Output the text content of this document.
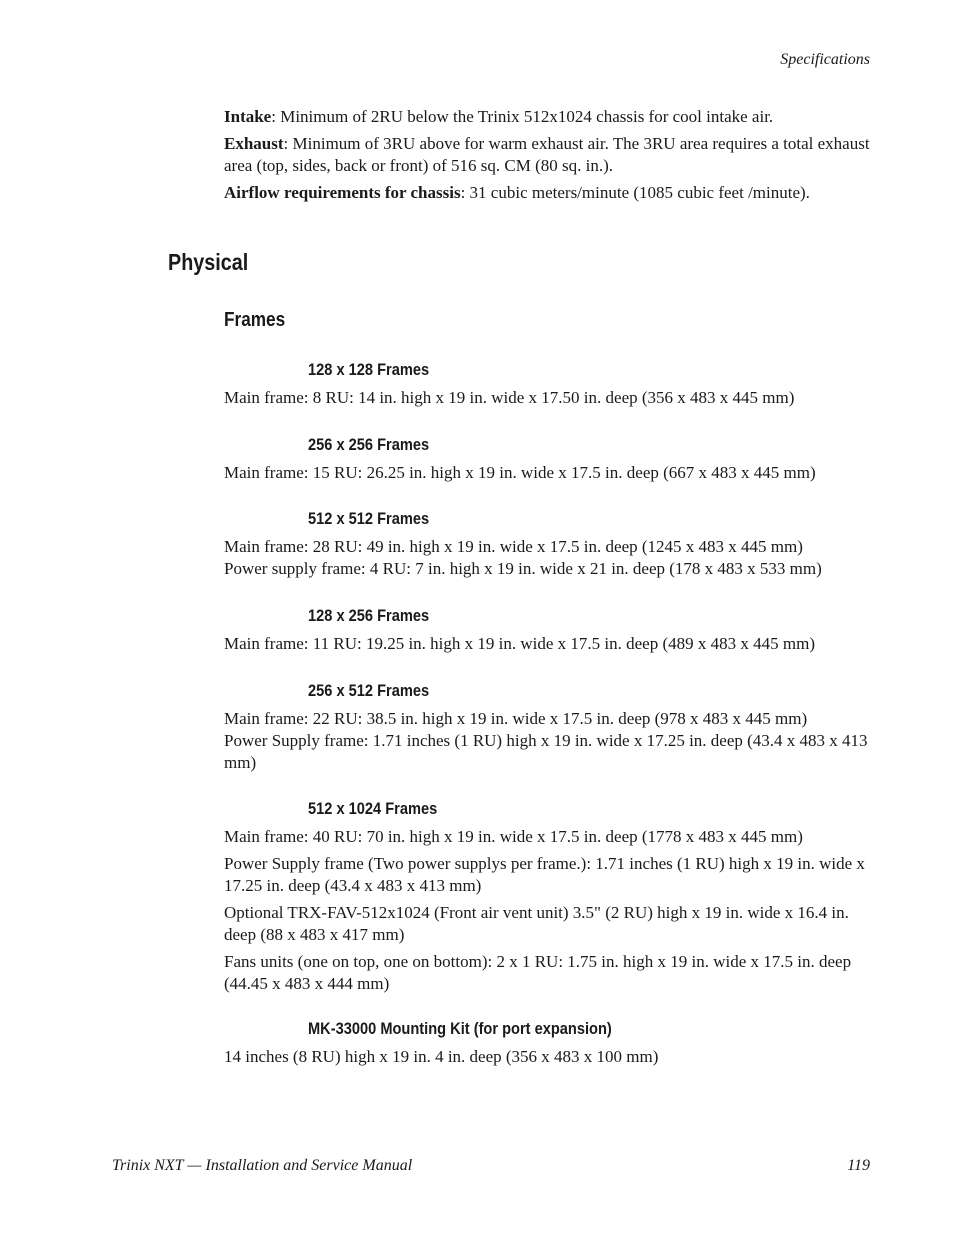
Specifications

Intake: Minimum of 2RU below the Trinix 512x1024 chassis for cool intake air.

Exhaust: Minimum of 3RU above for warm exhaust air. The 3RU area requires a total exhaust area (top, sides, back or front) of 516 sq. CM (80 sq. in.).

Airflow requirements for chassis: 31 cubic meters/minute (1085 cubic feet /minute).

Physical
Frames
128 x 128 Frames

Main frame: 8 RU: 14 in. high x 19 in. wide x 17.50 in. deep (356 x 483 x 445 mm)

256 x 256 Frames

Main frame: 15 RU: 26.25 in. high x 19 in. wide x 17.5 in. deep (667 x 483 x 445 mm)

512 x 512 Frames

Main frame: 28 RU: 49 in. high x 19 in. wide x 17.5 in. deep (1245 x 483 x 445 mm)

Power supply frame: 4 RU: 7 in. high x 19 in. wide x 21 in. deep (178 x 483 x 533 mm)

128 x 256 Frames

Main frame: 11 RU: 19.25 in. high x 19 in. wide x 17.5 in. deep (489 x 483 x 445 mm)

256 x 512 Frames

Main frame: 22 RU: 38.5 in. high x 19 in. wide x 17.5 in. deep (978 x 483 x 445 mm)

Power Supply frame: 1.71 inches (1 RU) high x 19 in. wide x 17.25 in. deep (43.4 x 483 x 413 mm)

512 x 1024 Frames

Main frame: 40 RU: 70 in. high x 19 in. wide x 17.5 in. deep (1778 x 483 x 445 mm)

Power Supply frame (Two power supplys per frame.): 1.71 inches (1 RU) high x 19 in. wide x 17.25 in. deep (43.4 x 483 x 413 mm)

Optional TRX-FAV-512x1024 (Front air vent unit) 3.5" (2 RU) high x 19 in. wide x 16.4 in. deep (88 x 483 x 417 mm)

Fans units (one on top, one on bottom): 2 x 1 RU: 1.75 in. high x 19 in. wide x 17.5 in. deep (44.45 x 483 x 444 mm)

MK-33000 Mounting Kit (for port expansion)

14 inches (8 RU) high x 19 in. 4 in. deep (356 x 483 x 100 mm)

Trinix NXT — Installation and Service Manual	119
